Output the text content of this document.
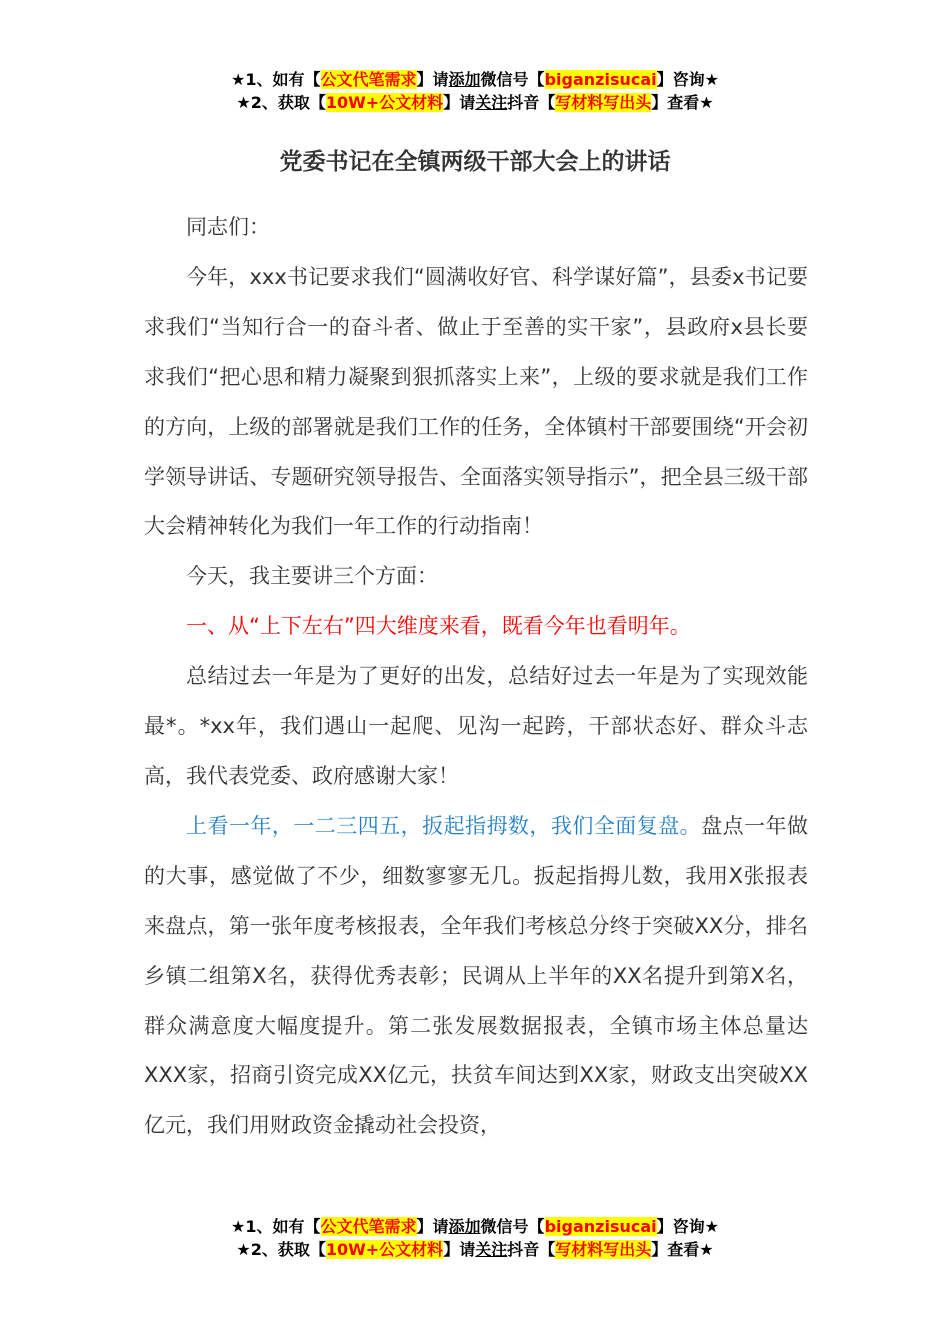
★1、如有【公文代笔需求】请添加微信号【biganzisucai】咨询★
★2、获取【10W+公文材料】请关注抖音【写材料写出头】查看★
党委书记在全镇两级干部大会上的讲话

同志们：

今年，xxx书记要求我们“圆满收好官、科学谋好篇”，县委x书记要求我们“当知行合一的奋斗者、做止于至善的实干家”，县政府x县长要求我们“把心思和精力凝聚到狠抓落实上来”，上级的要求就是我们工作的方向，上级的部署就是我们工作的任务，全体镇村干部要围绕“开会初学领导讲话、专题研究领导报告、全面落实领导指示”，把全县三级干部大会精神转化为我们一年工作的行动指南！

今天，我主要讲三个方面：

一、从“上下左右”四大维度来看，既看今年也看明年。

总结过去一年是为了更好的出发，总结好过去一年是为了实现效能最*。*xx年，我们遇山一起爬、见沟一起跨，干部状态好、群众斗志高，我代表党委、政府感谢大家！

上看一年，一二三四五，扳起指拇数，我们全面复盘。盘点一年做的大事，感觉做了不少，细数寥寥无几。扳起指拇儿数，我用X张报表来盘点，第一张年度考核报表，全年我们考核总分终于突破XX分，排名乡镇二组第X名，获得优秀表彰；民调从上半年的XX名提升到第X名，群众满意度大幅度提升。第二张发展数据报表，全镇市场主体总量达XXX家，招商引资完成XX亿元，扶贫车间达到XX家，财政支出突破XX亿元，我们用财政资金撬动社会投资，

★1、如有【公文代笔需求】请添加微信号【biganzisucai】咨询★
★2、获取【10W+公文材料】请关注抖音【写材料写出头】查看★
